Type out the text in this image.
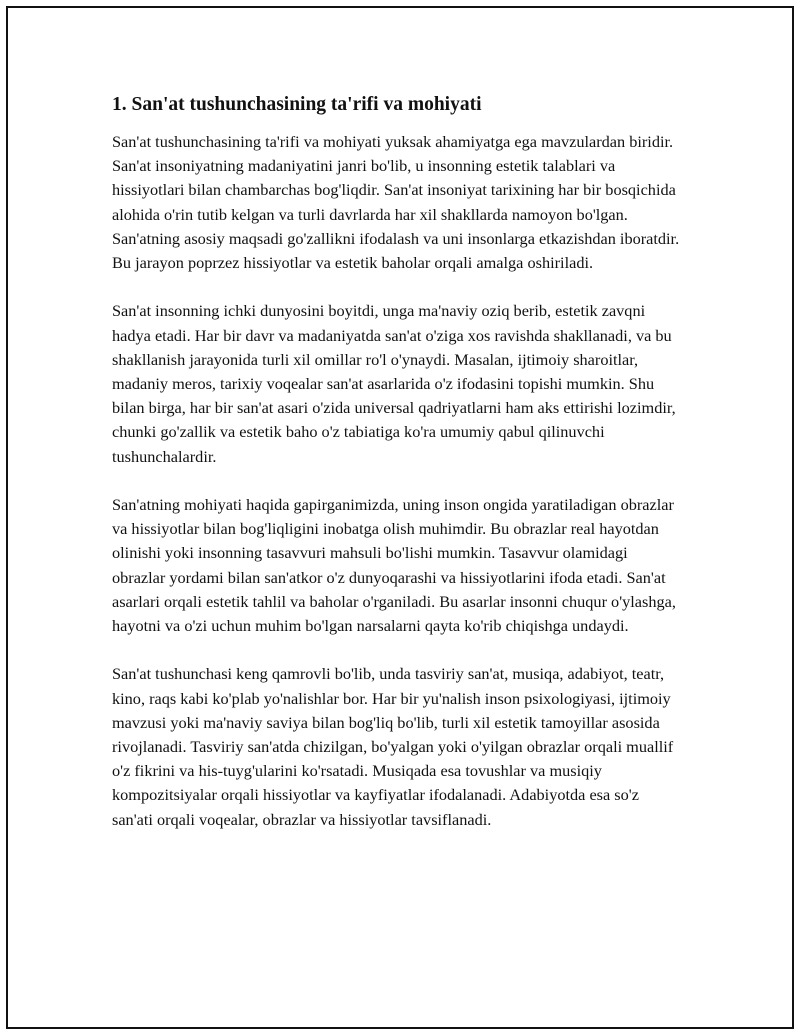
1. San'at tushunchasining ta'rifi va mohiyati

San'at tushunchasining ta'rifi va mohiyati yuksak ahamiyatga ega mavzulardan biridir. San'at insoniyatning madaniyatini janri bo'lib, u insonning estetik talablari va hissiyotlari bilan chambarchas bog'liqdir. San'at insoniyat tarixining har bir bosqichida alohida o'rin tutib kelgan va turli davrlarda har xil shakllarda namoyon bo'lgan. San'atning asosiy maqsadi go'zallikni ifodalash va uni insonlarga etkazishdan iboratdir. Bu jarayon poprzez hissiyotlar va estetik baholar orqali amalga oshiriladi.

San'at insonning ichki dunyosini boyitdi, unga ma'naviy oziq berib, estetik zavqni hadya etadi. Har bir davr va madaniyatda san'at o'ziga xos ravishda shakllanadi, va bu shakllanish jarayonida turli xil omillar ro'l o'ynaydi. Masalan, ijtimoiy sharoitlar, madaniy meros, tarixiy voqealar san'at asarlarida o'z ifodasini topishi mumkin. Shu bilan birga, har bir san'at asari o'zida universal qadriyatlarni ham aks ettirishi lozimdir, chunki go'zallik va estetik baho o'z tabiatiga ko'ra umumiy qabul qilinuvchi tushunchalardir.

San'atning mohiyati haqida gapirganimizda, uning inson ongida yaratiladigan obrazlar va hissiyotlar bilan bog'liqligini inobatga olish muhimdir. Bu obrazlar real hayotdan olinishi yoki insonning tasavvuri mahsuli bo'lishi mumkin. Tasavvur olamidagi obrazlar yordami bilan san'atkor o'z dunyoqarashi va hissiyotlarini ifoda etadi. San'at asarlari orqali estetik tahlil va baholar o'rganiladi. Bu asarlar insonni chuqur o'ylashga, hayotni va o'zi uchun muhim bo'lgan narsalarni qayta ko'rib chiqishga undaydi.

San'at tushunchasi keng qamrovli bo'lib, unda tasviriy san'at, musiqa, adabiyot, teatr, kino, raqs kabi ko'plab yo'nalishlar bor. Har bir yu'nalish inson psixologiyasi, ijtimoiy mavzusi yoki ma'naviy saviya bilan bog'liq bo'lib, turli xil estetik tamoyillar asosida rivojlanadi. Tasviriy san'atda chizilgan, bo'yalgan yoki o'yilgan obrazlar orqali muallif o'z fikrini va his-tuyg'ularini ko'rsatadi. Musiqada esa tovushlar va musiqiy kompozitsiyalar orqali hissiyotlar va kayfiyatlar ifodalanadi. Adabiyotda esa so'z san'ati orqali voqealar, obrazlar va hissiyotlar tavsiflanadi.
